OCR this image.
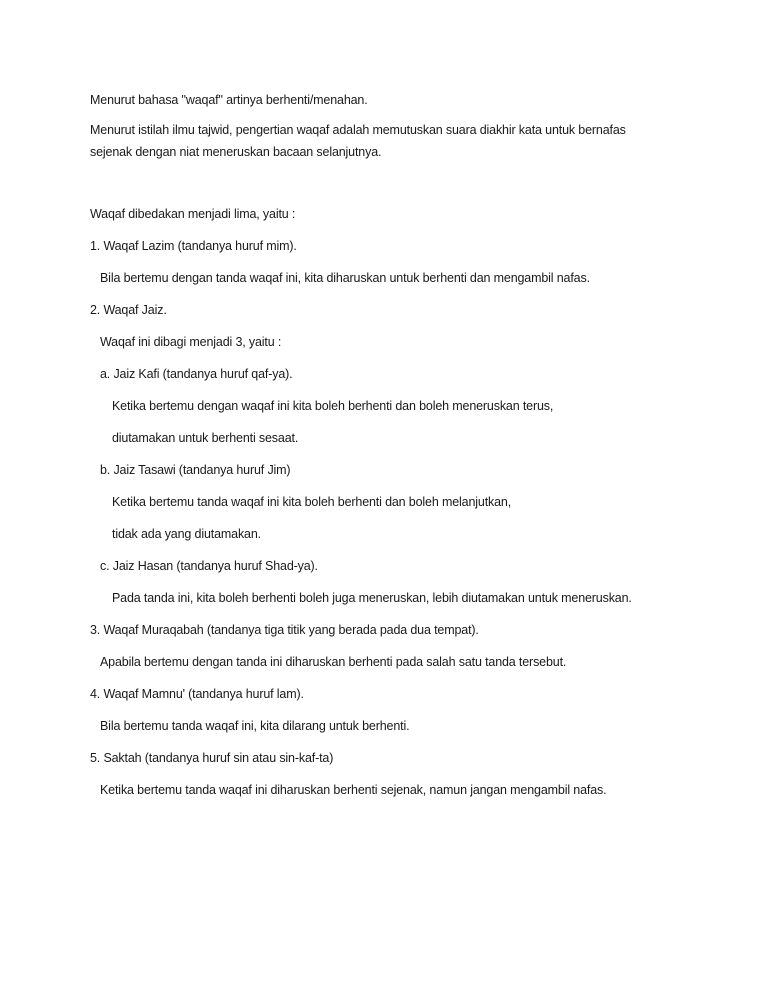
Menurut bahasa "waqaf" artinya berhenti/menahan.
Menurut istilah ilmu tajwid, pengertian waqaf adalah memutuskan suara diakhir kata untuk bernafas
sejenak dengan niat meneruskan bacaan selanjutnya.
Waqaf dibedakan menjadi lima, yaitu :
1. Waqaf Lazim (tandanya huruf mim).
Bila bertemu dengan tanda waqaf ini, kita diharuskan untuk berhenti dan mengambil nafas.
2. Waqaf Jaiz.
Waqaf ini dibagi menjadi 3, yaitu :
a. Jaiz Kafi (tandanya huruf qaf-ya).
Ketika bertemu dengan waqaf ini kita boleh berhenti dan boleh meneruskan terus,
diutamakan untuk berhenti sesaat.
b. Jaiz Tasawi (tandanya huruf Jim)
Ketika bertemu tanda waqaf ini kita boleh berhenti dan boleh melanjutkan,
tidak ada yang diutamakan.
c. Jaiz Hasan (tandanya huruf Shad-ya).
Pada tanda ini, kita boleh berhenti boleh juga meneruskan, lebih diutamakan untuk meneruskan.
3. Waqaf Muraqabah (tandanya tiga titik yang berada pada dua tempat).
Apabila bertemu dengan tanda ini diharuskan berhenti pada salah satu tanda tersebut.
4. Waqaf Mamnu' (tandanya huruf lam).
Bila bertemu tanda waqaf ini, kita dilarang untuk berhenti.
5. Saktah (tandanya huruf sin atau sin-kaf-ta)
Ketika bertemu tanda waqaf ini diharuskan berhenti sejenak, namun jangan mengambil nafas.
